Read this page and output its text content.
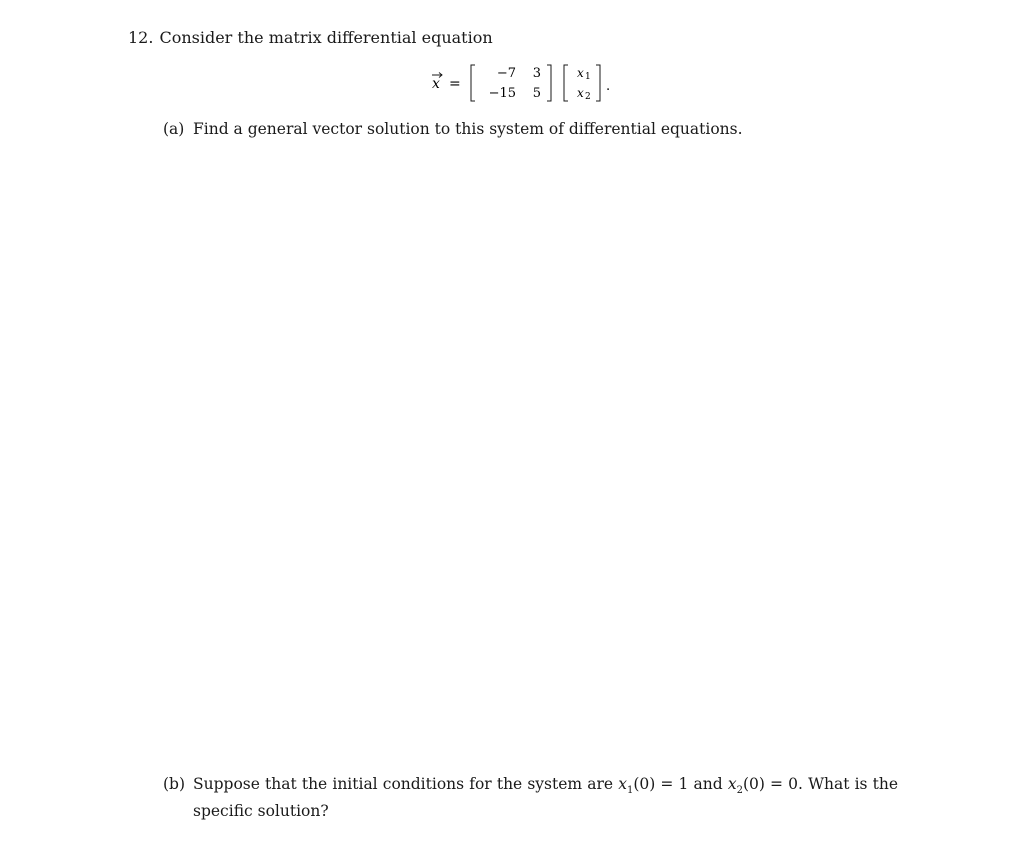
12. Consider the matrix differential equation
x ′ =
−7 3
−15 5
x 1
x 2
.
(a) Find a general vector solution to this system of differential equations.
(b) Suppose that the initial conditions for the system are $x_1(0) = 1$ and $x_2(0) = 0$. What is the
specific solution?
